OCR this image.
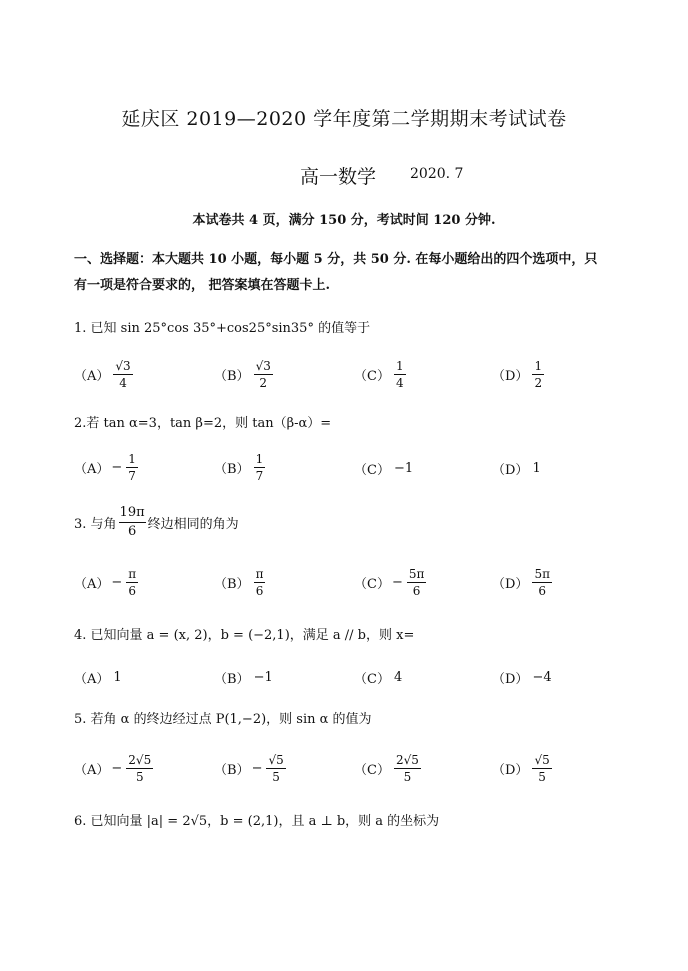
延庆区 2019—2020 学年度第二学期期末考试试卷
高一数学 2020. 7
本试卷共 4 页，满分 150 分，考试时间 120 分钟.
一、选择题：本大题共 10 小题，每小题 5 分，共 50 分. 在每小题给出的四个选项中，只
有一项是符合要求的， 把答案填在答题卡上.
1. 已知 sin 25°cos 35°+cos25°sin35° 的值等于
$(A) \frac{√3}{4}$	$(B) \frac{√3}{2}$	$(C) \frac{1}{4}$	$(D) \frac{1}{2}$
2.若 tan α=3，tan β=2，则 tan（β-α）=
$(A) - \frac{1}{7}$	$(B) \frac{1}{7}$	（C） −1	（D） 1
3. 与角 $\frac{19\pi}{6}$ 终边相同的角为
$(A) - \frac{\pi}{6}$	$(B) \frac{\pi}{6}$	$(C) - \frac{5\pi}{6}$	$(D) \frac{5\pi}{6}$
4. 已知向量 a = (x, 2)，b = (−2,1)，满足 a // b，则 x=
（A） 1	（B） −1	（C） 4	（D） −4
5. 若角 α 的终边经过点 P(1,−2)，则 sin α 的值为
$(A) - \frac{2√5}{5}$	$(B) - \frac{√5}{5}$	$(C) \frac{2√5}{5}$	$(D) \frac{√5}{5}$
6. 已知向量 |a| = 2√5，b = (2,1)，且 a ⊥ b，则 a 的坐标为
